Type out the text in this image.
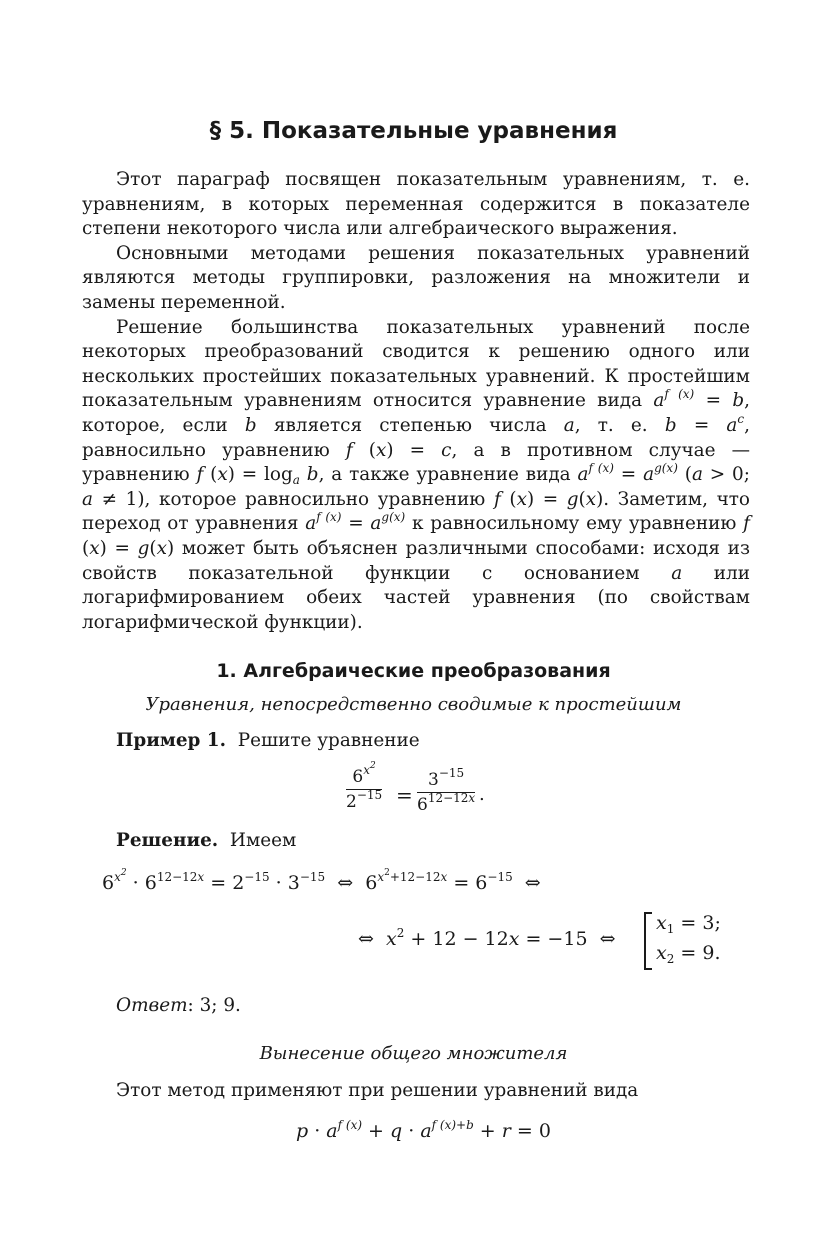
§ 5. Показательные уравнения

Этот параграф посвящен показательным уравнениям, т. е. уравнениям, в которых переменная содержится в показателе степени некоторого числа или алгебраического выражения.

Основными методами решения показательных уравнений являются методы группировки, разложения на множители и замены переменной.

Решение большинства показательных уравнений после некоторых преобразований сводится к решению одного или нескольких простейших показательных уравнений. К простейшим показательным уравнениям относится уравнение вида $a^{f (x)} = b$, которое, если b является степенью числа a, т. е. $b = a^c$, равносильно уравнению f (x) = c, а в противном случае — уравнению f $(x) = \log_a b$, а также уравнение вида $a^{f (x)} = a^{g(x)}$ (a > 0; a ≠ 1), которое равносильно уравнению f (x) = g(x). Заметим, что переход от уравнения $a^{f (x)} = a^{g(x)}$ к равносильному ему уравнению f (x) = g(x) может быть объяснен различными способами: исходя из свойств показательной функции с основанием a или логарифмированием обеих частей уравнения (по свойствам логарифмической функции).

1. Алгебраические преобразования
Уравнения, непосредственно сводимые к простейшим
Пример 1. Решите уравнение
$\frac{6^{x^2}}{2^{-15}} = \frac{3^{-15}}{6^{12-12x}}$ .
Решение. Имеем
$6^{x^2} \cdot 6^{12-12x} = 2^{-15} \cdot 3^{-15}$  ⇔  $6^{x^2+12-12x} = 6^{-15}$  ⇔
⇔  $x^2 + 12 - 12x = -15$  ⇔
$x_1 = 3$;
$x_2 = 9$.
Ответ: 3; 9.
Вынесение общего множителя
Этот метод применяют при решении уравнений вида
$p \cdot a^{f (x)} + q \cdot a^{f (x)+b} + r = 0$
